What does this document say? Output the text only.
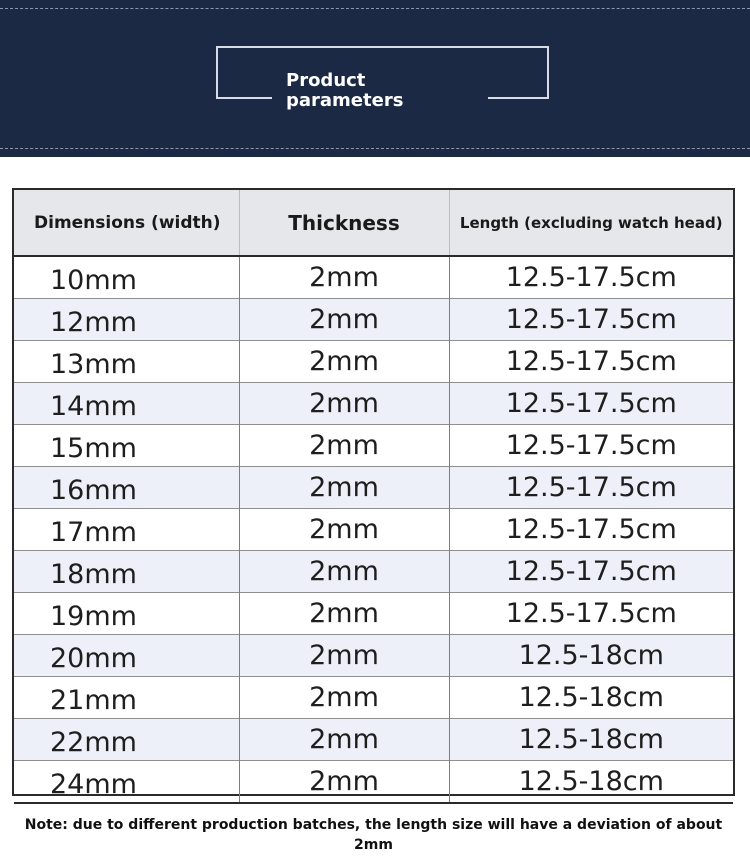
Product
parameters
Dimensions (width)	Thickness	Length (excluding watch head)
10mm	2mm	12.5-17.5cm
12mm	2mm	12.5-17.5cm
13mm	2mm	12.5-17.5cm
14mm	2mm	12.5-17.5cm
15mm	2mm	12.5-17.5cm
16mm	2mm	12.5-17.5cm
17mm	2mm	12.5-17.5cm
18mm	2mm	12.5-17.5cm
19mm	2mm	12.5-17.5cm
20mm	2mm	12.5-18cm
21mm	2mm	12.5-18cm
22mm	2mm	12.5-18cm
24mm	2mm	12.5-18cm
Note: due to different production batches, the length size will have a deviation of about 2mm		
